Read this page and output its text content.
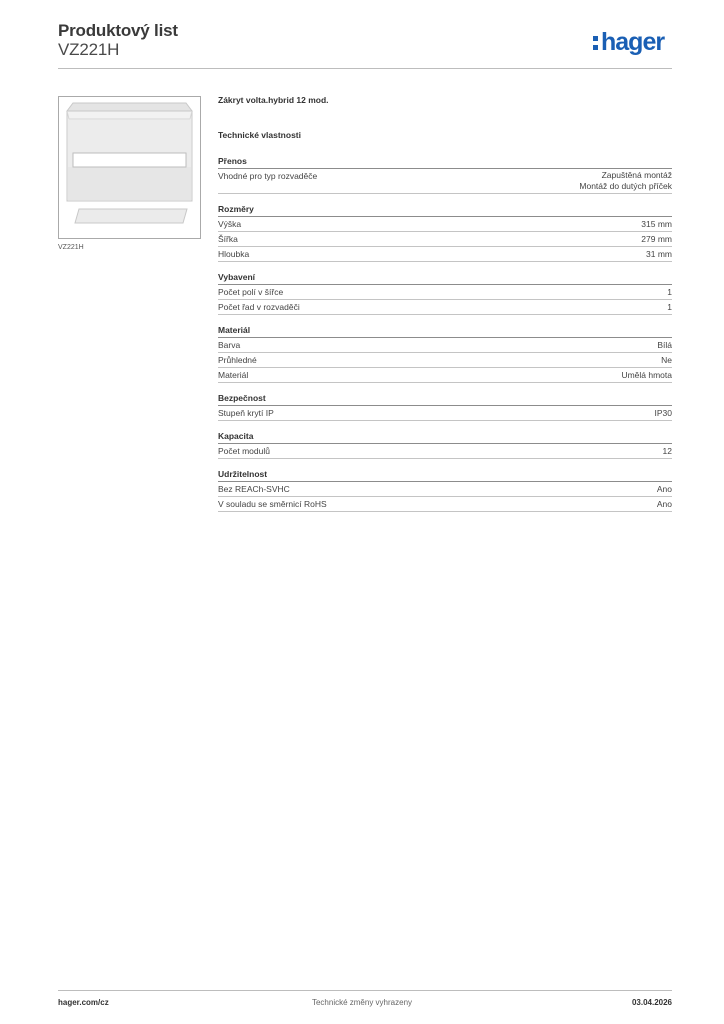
Produktový list
VZ221H	hager
VZ221H
Zákryt volta.hybrid 12 mod.
Technické vlastnosti
Přenos
Vhodné pro typ rozvaděče	Zapuštěná montáž
Montáž do dutých příček
Rozměry
Výška	315 mm
Šířka	279 mm
Hloubka	31 mm
Vybavení
Počet polí v šířce	1
Počet řad v rozvaděči	1
Materiál
Barva	Bílá
Průhledné	Ne
Materiál	Umělá hmota
Bezpečnost
Stupeň krytí IP	IP30
Kapacita
Počet modulů	12
Udržitelnost
Bez REACh-SVHC	Ano
V souladu se směrnicí RoHS	Ano
hager.com/cz	Technické změny vyhrazeny	03.04.2026
